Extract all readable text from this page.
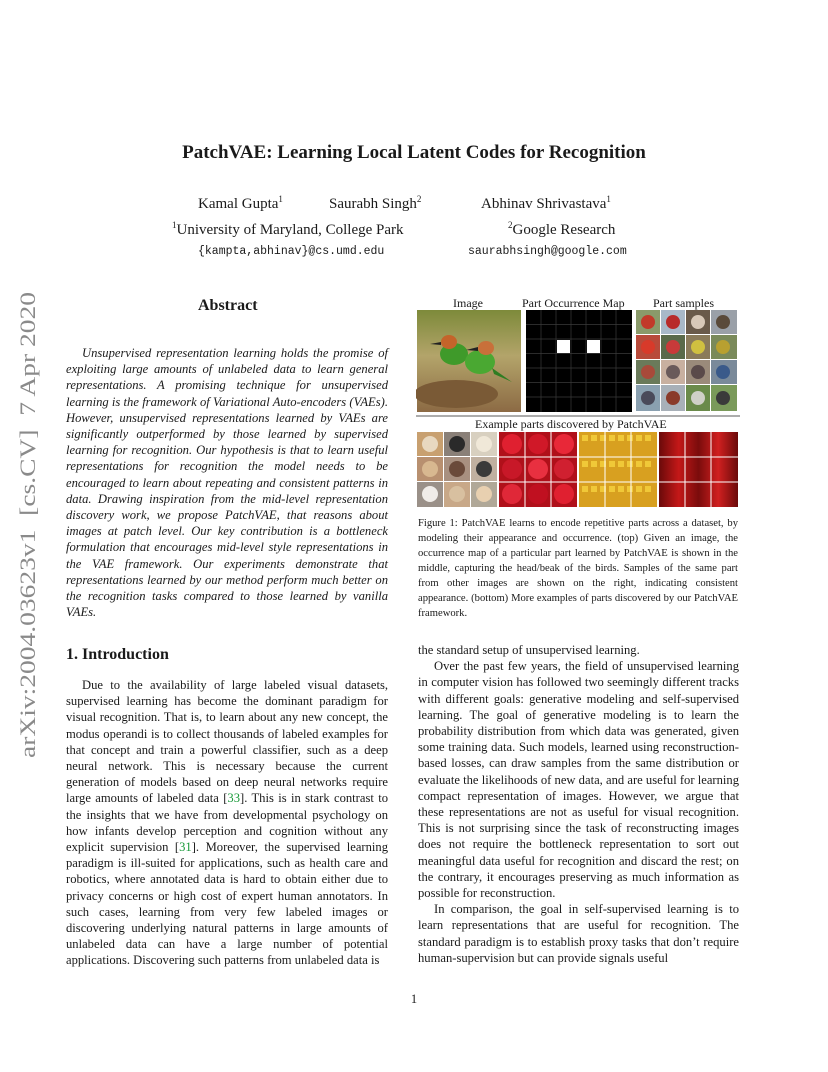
arXiv:2004.03623v1  [cs.CV]  7 Apr 2020
PatchVAE: Learning Local Latent Codes for Recognition
Kamal Gupta$^1$	Saurabh Singh$^2$	Abhinav Shrivastava$^1$
$^1$University of Maryland, College Park	$^2$Google Research
{kampta,abhinav}@cs.umd.edu	saurabhsingh@google.com
Abstract

Unsupervised representation learning holds the promise of exploiting large amounts of unlabeled data to learn general representations. A promising technique for unsupervised learning is the framework of Variational Auto-encoders (VAEs). However, unsupervised representations learned by VAEs are significantly outperformed by those learned by supervised learning for recognition. Our hypothesis is that to learn useful representations for recognition the model needs to be encouraged to learn about repeating and consistent patterns in data. Drawing inspiration from the mid-level representation discovery work, we propose PatchVAE, that reasons about images at patch level. Our key contribution is a bottleneck formulation that encourages mid-level style representations in the VAE framework. Our experiments demonstrate that representations learned by our method perform much better on the recognition tasks compared to those learned by vanilla VAEs.

Image	Part Occurrence Map Part samples
Example parts discovered by PatchVAE
Figure 1: PatchVAE learns to encode repetitive parts across a dataset, by modeling their appearance and occurrence. (top) Given an image, the occurrence map of a particular part learned by PatchVAE is shown in the middle, capturing the head/beak of the birds. Samples of the same part from other images are shown on the right, indicating consistent appearance. (bottom) More examples of parts discovered by our PatchVAE framework.
1. Introduction

Due to the availability of large labeled visual datasets, supervised learning has become the dominant paradigm for visual recognition. That is, to learn about any new concept, the modus operandi is to collect thousands of labeled examples for that concept and train a powerful classifier, such as a deep neural network. This is necessary because the current generation of models based on deep neural networks require large amounts of labeled data [33]. This is in stark contrast to the insights that we have from developmental psychology on how infants develop perception and cognition without any explicit supervision [31]. Moreover, the supervised learning paradigm is ill-suited for applications, such as health care and robotics, where annotated data is hard to obtain either due to privacy concerns or high cost of expert human annotators. In such cases, learning from very few labeled images or discovering underlying natural patterns in large amounts of unlabeled data can have a large number of potential applications. Discovering such patterns from unlabeled data is

the standard setup of unsupervised learning.

Over the past few years, the field of unsupervised learning in computer vision has followed two seemingly different tracks with different goals: generative modeling and self-supervised learning. The goal of generative modeling is to learn the probability distribution from which data was generated, given some training data. Such models, learned using reconstruction-based losses, can draw samples from the same distribution or evaluate the likelihoods of new data, and are useful for learning compact representation of images. However, we argue that these representations are not as useful for visual recognition. This is not surprising since the task of reconstructing images does not require the bottleneck representation to sort out meaningful data useful for recognition and discard the rest; on the contrary, it encourages preserving as much information as possible for reconstruction.

In comparison, the goal in self-supervised learning is to learn representations that are useful for recognition. The standard paradigm is to establish proxy tasks that don’t require human-supervision but can provide signals useful

1
